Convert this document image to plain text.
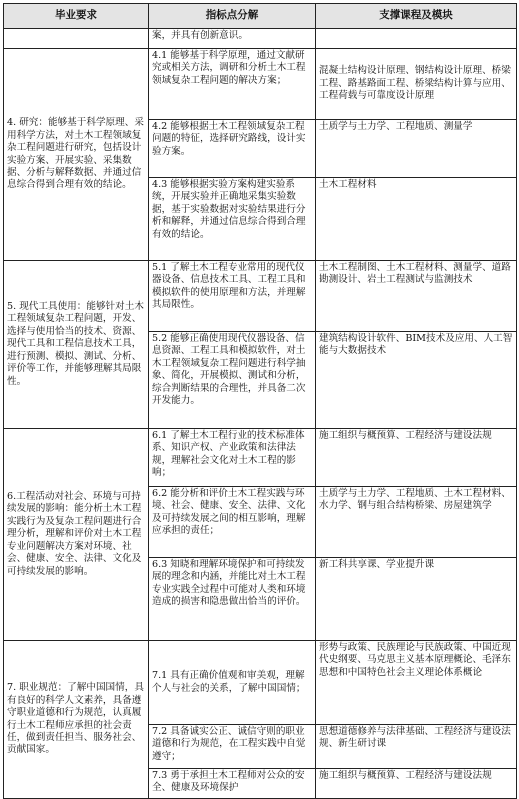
毕业要求	指标点分解	支撑课程及模块
	案，并具有创新意识。	
4. 研究：能够基于科学原理、采用科学方法，对土木工程领域复杂工程问题进行研究，包括设计实验方案、开展实验、采集数据、分析与解释数据、并通过信息综合得到合理有效的结论。	4.1 能够基于科学原理，通过文献研究或相关方法，调研和分析土木工程领域复杂工程问题的解决方案；	混凝土结构设计原理、钢结构设计原理、桥梁工程、路基路面工程、桥梁结构计算与应用、工程荷载与可靠度设计原理
	4.2 能够根据土木工程领域复杂工程问题的特征，选择研究路线，设计实验方案。	土质学与土力学、工程地质、测量学
	4.3 能够根据实验方案构建实验系统，开展实验并正确地采集实验数据，基于实验数据对实验结果进行分析和解释，并通过信息综合得到合理有效的结论。	土木工程材料
5. 现代工具使用：能够针对土木工程领域复杂工程问题，开发、选择与使用恰当的技术、资源、现代工具和工程信息技术工具，进行预测、模拟、测试、分析、评价等工作，并能够理解其局限性。	5.1 了解土木工程专业常用的现代仪器设备、信息技术工具、工程工具和模拟软件的使用原理和方法，并理解其局限性。	土木工程制图、土木工程材料、测量学、道路勘测设计、岩土工程测试与监测技术
	5.2 能够正确使用现代仪器设备、信息资源、工程工具和模拟软件，对土木工程领域复杂工程问题进行科学抽象、简化，开展模拟、测试和分析，综合判断结果的合理性，并具备二次开发能力。	建筑结构设计软件、BIM技术及应用、人工智能与大数据技术
6.工程活动对社会、环境与可持续发展的影响：能分析土木工程实践行为及复杂工程问题进行合理分析，理解和评价对土木工程专业问题解决方案对环境、社会、健康、安全、法律、文化及可持续发展的影响。	6.1 了解土木工程行业的技术标准体系、知识产权、产业政策和法律法规，理解社会文化对土木工程的影响；	施工组织与概预算、工程经济与建设法规
	6.2 能分析和评价土木工程实践与环境、社会、健康、安全、法律、文化及可持续发展之间的相互影响，理解应承担的责任；	土质学与土力学、工程地质、土木工程材料、水力学、钢与组合结构桥梁、房屋建筑学
	6.3 知晓和理解环境保护和可持续发展的理念和内涵，并能比对土木工程专业实践全过程中可能对人类和环境造成的损害和隐患做出恰当的评价。	新工科共享课、学业提升课
7. 职业规范：了解中国国情，具有良好的科学人文素养，具备遵守职业道德和行为规范，认真履行土木工程师应承担的社会责任，做到责任担当、服务社会、贡献国家。	7.1 具有正确价值观和审美观，理解个人与社会的关系，了解中国国情；	形势与政策、民族理论与民族政策、中国近现代史纲要、马克思主义基本原理概论、毛泽东思想和中国特色社会主义理论体系概论
	7.2 具备诚实公正、诚信守则的职业道德和行为规范，在工程实践中自觉遵守；	思想道德修养与法律基础、工程经济与建设法规、新生研讨课
	7.3 勇于承担土木工程师对公众的安全、健康及环境保护	施工组织与概预算、工程经济与建设法规
